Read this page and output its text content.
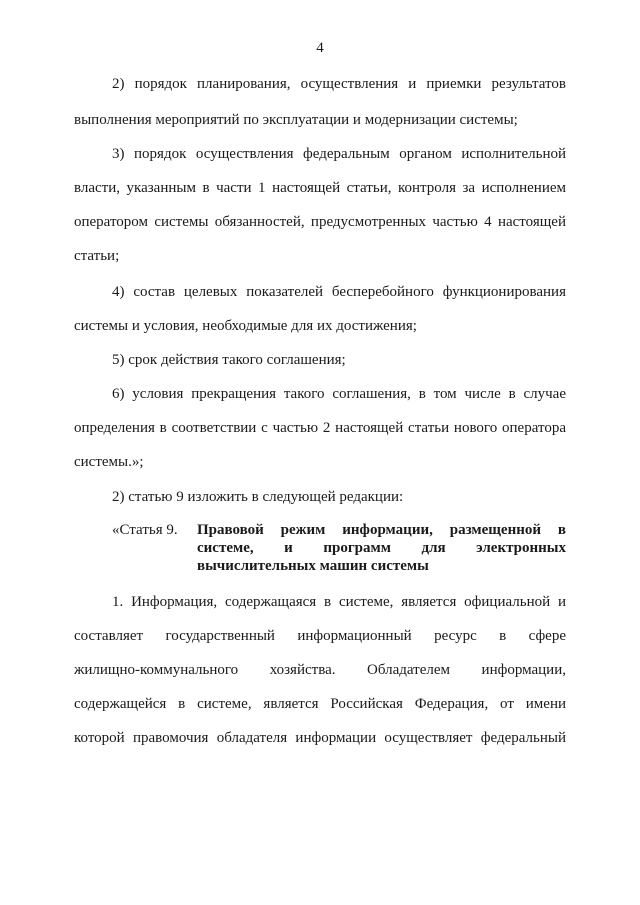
4
2) порядок планирования, осуществления и приемки результатов
выполнения мероприятий по эксплуатации и модернизации системы;
3) порядок осуществления федеральным органом исполнительной
власти, указанным в части 1 настоящей статьи, контроля за исполнением
оператором системы обязанностей, предусмотренных частью 4 настоящей
статьи;
4) состав целевых показателей бесперебойного функционирования
системы и условия, необходимые для их достижения;
5) срок действия такого соглашения;
6) условия прекращения такого соглашения, в том числе в случае
определения в соответствии с частью 2 настоящей статьи нового оператора
системы.»;
2) статью 9 изложить в следующей редакции:
«Статья 9. Правовой режим информации, размещенной в
системе, и программ для электронных
вычислительных машин системы
1. Информация, содержащаяся в системе, является официальной и
составляет государственный информационный ресурс в сфере
жилищно-коммунального хозяйства. Обладателем информации,
содержащейся в системе, является Российская Федерация, от имени
которой правомочия обладателя информации осуществляет федеральный
